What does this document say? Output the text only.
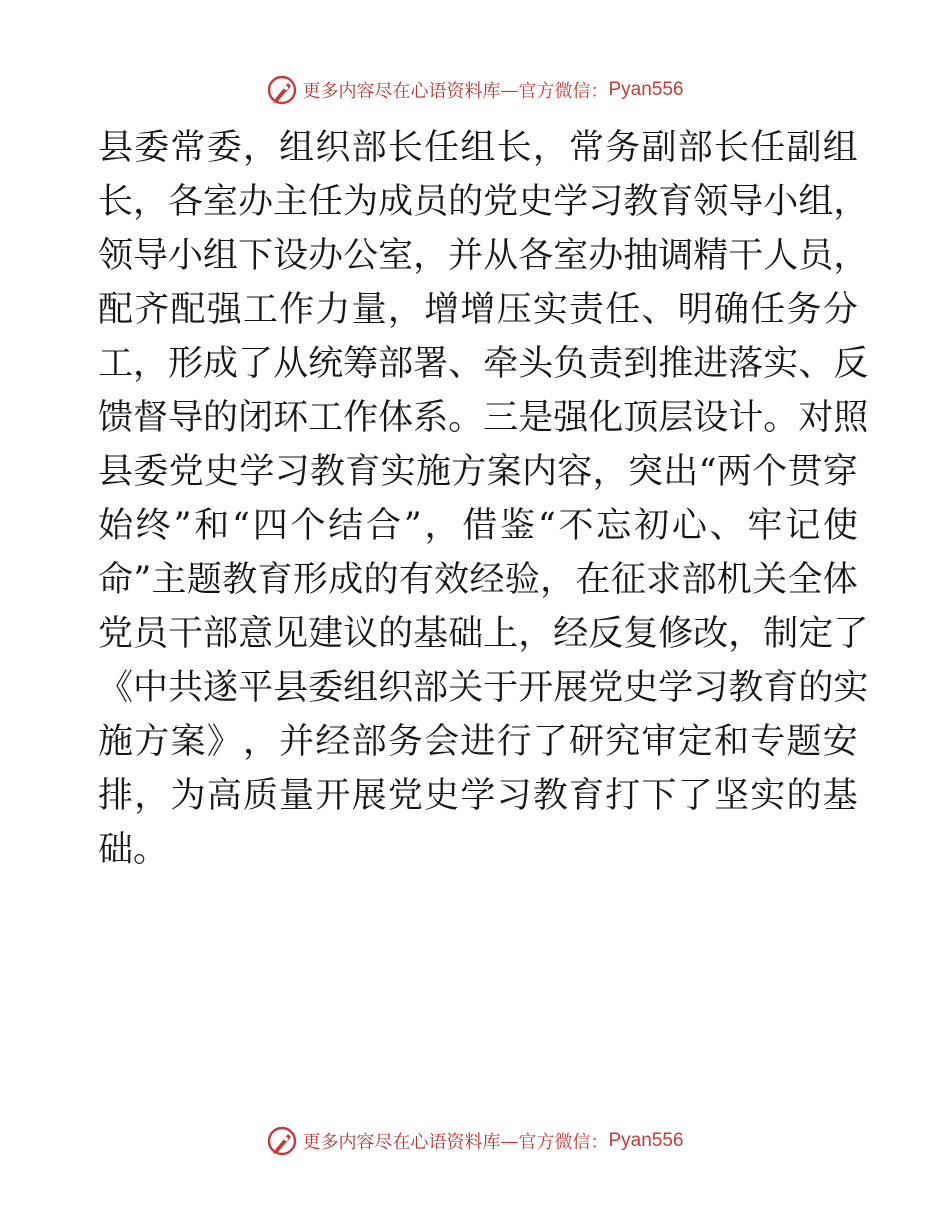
更多内容尽在心语资料库 — 官方微信： Pyan556
县 委 常 委 ， 组 织 部 长 任 组 长 ， 常 务 副 部 长 任 副 组
长 ， 各 室 办 主 任 为 成 员 的 党 史 学 习 教 育 领 导 小 组 ，
领 导 小 组 下 设 办 公 室 ， 并 从 各 室 办 抽 调 精 干 人 员 ，
配 齐 配 强 工 作 力 量 ， 增 增 压 实 责 任 、 明 确 任 务 分
工 ， 形 成 了 从 统 筹 部 署 、 牵 头 负 责 到 推 进 落 实 、 反
馈 督 导 的 闭 环 工 作 体 系 。 三 是 强 化 顶 层 设 计 。 对 照
县 委 党 史 学 习 教 育 实 施 方 案 内 容 ， 突 出 “ 两 个 贯 穿
始 终 ” 和 “ 四 个 结 合 ” ， 借 鉴 “ 不 忘 初 心 、 牢 记 使
命 ” 主 题 教 育 形 成 的 有 效 经 验 ， 在 征 求 部 机 关 全 体
党 员 干 部 意 见 建 议 的 基 础 上 ， 经 反 复 修 改 ， 制 定 了
《 中 共 遂 平 县 委 组 织 部 关 于 开 展 党 史 学 习 教 育 的 实
施 方 案 》 ， 并 经 部 务 会 进 行 了 研 究 审 定 和 专 题 安
排 ， 为 高 质 量 开 展 党 史 学 习 教 育 打 下 了 坚 实 的 基
础 。
更多内容尽在心语资料库 — 官方微信： Pyan556
